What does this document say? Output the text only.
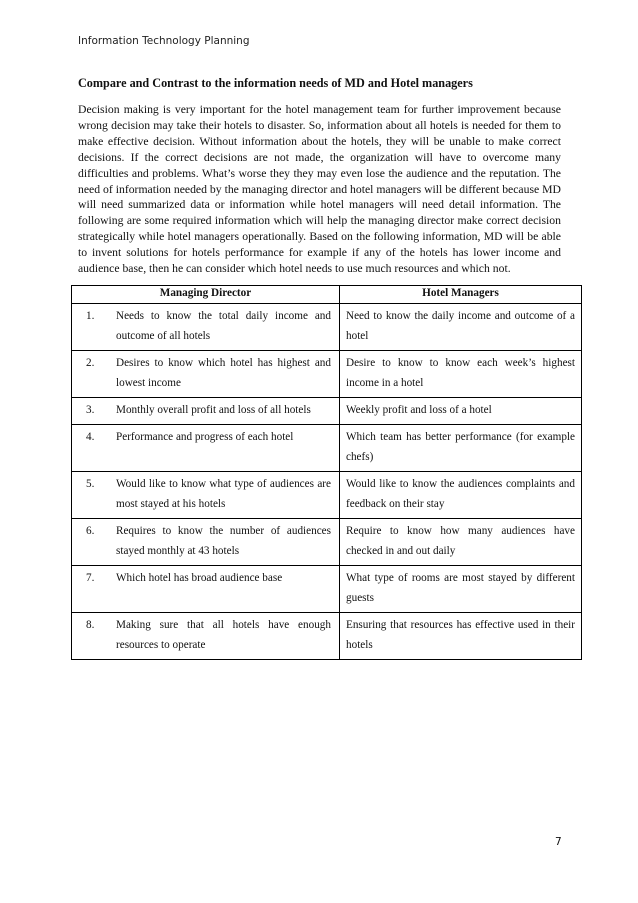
Information Technology Planning
Compare and Contrast to the information needs of MD and Hotel managers

Decision making is very important for the hotel management team for further improvement because wrong decision may take their hotels to disaster. So, information about all hotels is needed for them to make effective decision. Without information about the hotels, they will be unable to make correct decisions. If the correct decisions are not made, the organization will have to overcome many difficulties and problems. What’s worse they they may even lose the audience and the reputation. The need of information needed by the managing director and hotel managers will be different because MD will need summarized data or information while hotel managers will need detail information. The following are some required information which will help the managing director make correct decision strategically while hotel managers operationally. Based on the following information, MD will be able to invent solutions for hotels performance for example if any of the hotels has lower income and audience base, then he can consider which hotel needs to use much resources and which not.

Managing Director	Hotel Managers

1. Needs to know the total daily income and outcome of all hotels	Need to know the daily income and outcome of a hotel

2. Desires to know which hotel has highest and lowest income	Desire to know to know each week’s highest income in a hotel

3. Monthly overall profit and loss of all hotels	Weekly profit and loss of a hotel

4. Performance and progress of each hotel	Which team has better performance (for example chefs)

5. Would like to know what type of audiences are most stayed at his hotels	Would like to know the audiences complaints and feedback on their stay

6. Requires to know the number of audiences stayed monthly at 43 hotels	Require to know how many audiences have checked in and out daily

7. Which hotel has broad audience base	What type of rooms are most stayed by different guests

8. Making sure that all hotels have enough resources to operate	Ensuring that resources has effective used in their hotels
7
